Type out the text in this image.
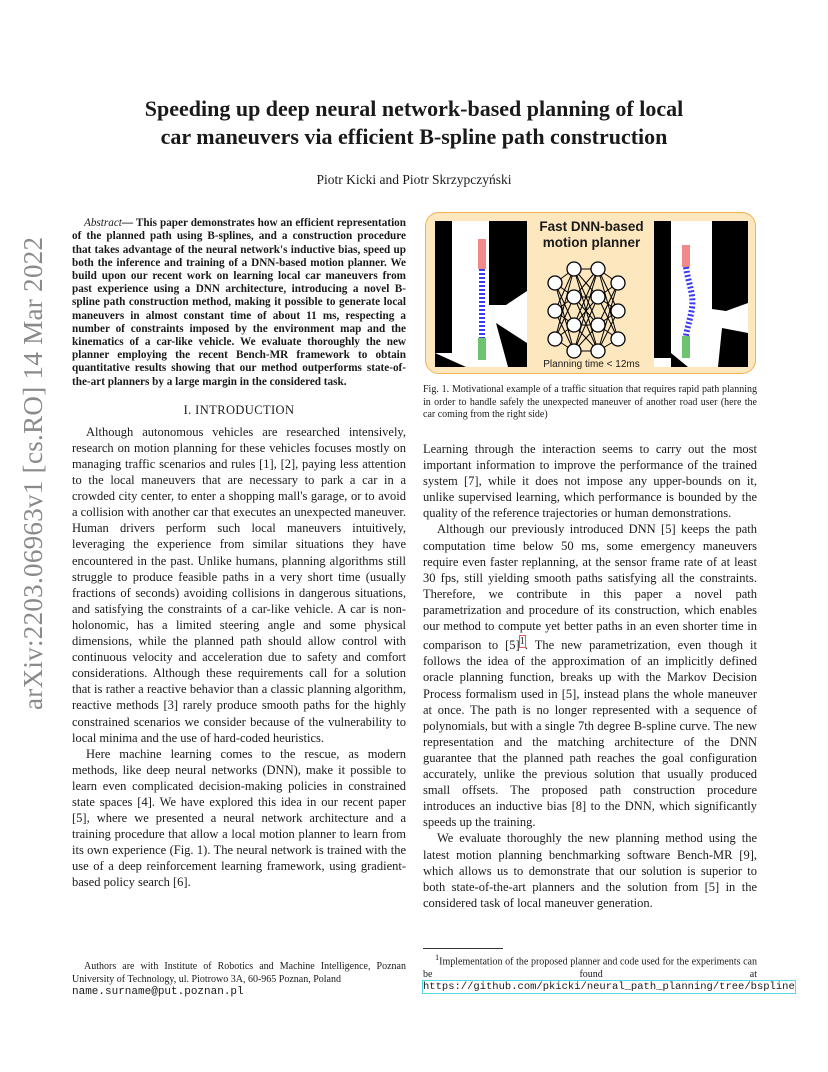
arXiv:2203.06963v1 [cs.RO] 14 Mar 2022
Speeding up deep neural network-based planning of local
car maneuvers via efficient B-spline path construction
Piotr Kicki and Piotr Skrzypczyński

Abstract— This paper demonstrates how an efficient representation of the planned path using B-splines, and a construction procedure that takes advantage of the neural network's inductive bias, speed up both the inference and training of a DNN-based motion planner. We build upon our recent work on learning local car maneuvers from past experience using a DNN architecture, introducing a novel B-spline path construction method, making it possible to generate local maneuvers in almost constant time of about 11 ms, respecting a number of constraints imposed by the environment map and the kinematics of a car-like vehicle. We evaluate thoroughly the new planner employing the recent Bench-MR framework to obtain quantitative results showing that our method outperforms state-of-the-art planners by a large margin in the considered task.

I. INTRODUCTION

Although autonomous vehicles are researched intensively, research on motion planning for these vehicles focuses mostly on managing traffic scenarios and rules [1], [2], paying less attention to the local maneuvers that are necessary to park a car in a crowded city center, to enter a shopping mall's garage, or to avoid a collision with another car that executes an unexpected maneuver. Human drivers perform such local maneuvers intuitively, leveraging the experience from similar situations they have encountered in the past. Unlike humans, planning algorithms still struggle to produce feasible paths in a very short time (usually fractions of seconds) avoiding collisions in dangerous situations, and satisfying the constraints of a car-like vehicle. A car is non-holonomic, has a limited steering angle and some physical dimensions, while the planned path should allow control with continuous velocity and acceleration due to safety and comfort considerations. Although these requirements call for a solution that is rather a reactive behavior than a classic planning algorithm, reactive methods [3] rarely produce smooth paths for the highly constrained scenarios we consider because of the vulnerability to local minima and the use of hard-coded heuristics.

Here machine learning comes to the rescue, as modern methods, like deep neural networks (DNN), make it possible to learn even complicated decision-making policies in constrained state spaces [4]. We have explored this idea in our recent paper [5], where we presented a neural network architecture and a training procedure that allow a local motion planner to learn from its own experience (Fig. 1). The neural network is trained with the use of a deep reinforcement learning framework, using gradient-based policy search [6].

Fast DNN-based
motion planner
Planning time < 12ms
Fig. 1. Motivational example of a traffic situation that requires rapid path planning in order to handle safely the unexpected maneuver of another road user (here the car coming from the right side)

Learning through the interaction seems to carry out the most important information to improve the performance of the trained system [7], while it does not impose any upper-bounds on it, unlike supervised learning, which performance is bounded by the quality of the reference trajectories or human demonstrations.

Although our previously introduced DNN [5] keeps the path computation time below 50 ms, some emergency maneuvers require even faster replanning, at the sensor frame rate of at least 30 fps, still yielding smooth paths satisfying all the constraints. Therefore, we contribute in this paper a novel path parametrization and procedure of its construction, which enables our method to compute yet better paths in an even shorter time in comparison to [5]$^1$. The new parametrization, even though it follows the idea of the approximation of an implicitly defined oracle planning function, breaks up with the Markov Decision Process formalism used in [5], instead plans the whole maneuver at once. The path is no longer represented with a sequence of polynomials, but with a single 7th degree B-spline curve. The new representation and the matching architecture of the DNN guarantee that the planned path reaches the goal configuration accurately, unlike the previous solution that usually produced small offsets. The proposed path construction procedure introduces an inductive bias [8] to the DNN, which significantly speeds up the training.

We evaluate thoroughly the new planning method using the latest motion planning benchmarking software Bench-MR [9], which allows us to demonstrate that our solution is superior to both state-of-the-art planners and the solution from [5] in the considered task of local maneuver generation.

Authors are with Institute of Robotics and Machine Intelligence, Poznan University of Technology, ul. Piotrowo 3A, 60-965 Poznan, Poland
name.surname@put.poznan.pl
$^1$Implementation of the proposed planner and code used for the experiments can be found at https://github.com/pkicki/neural_path_planning/tree/bspline
